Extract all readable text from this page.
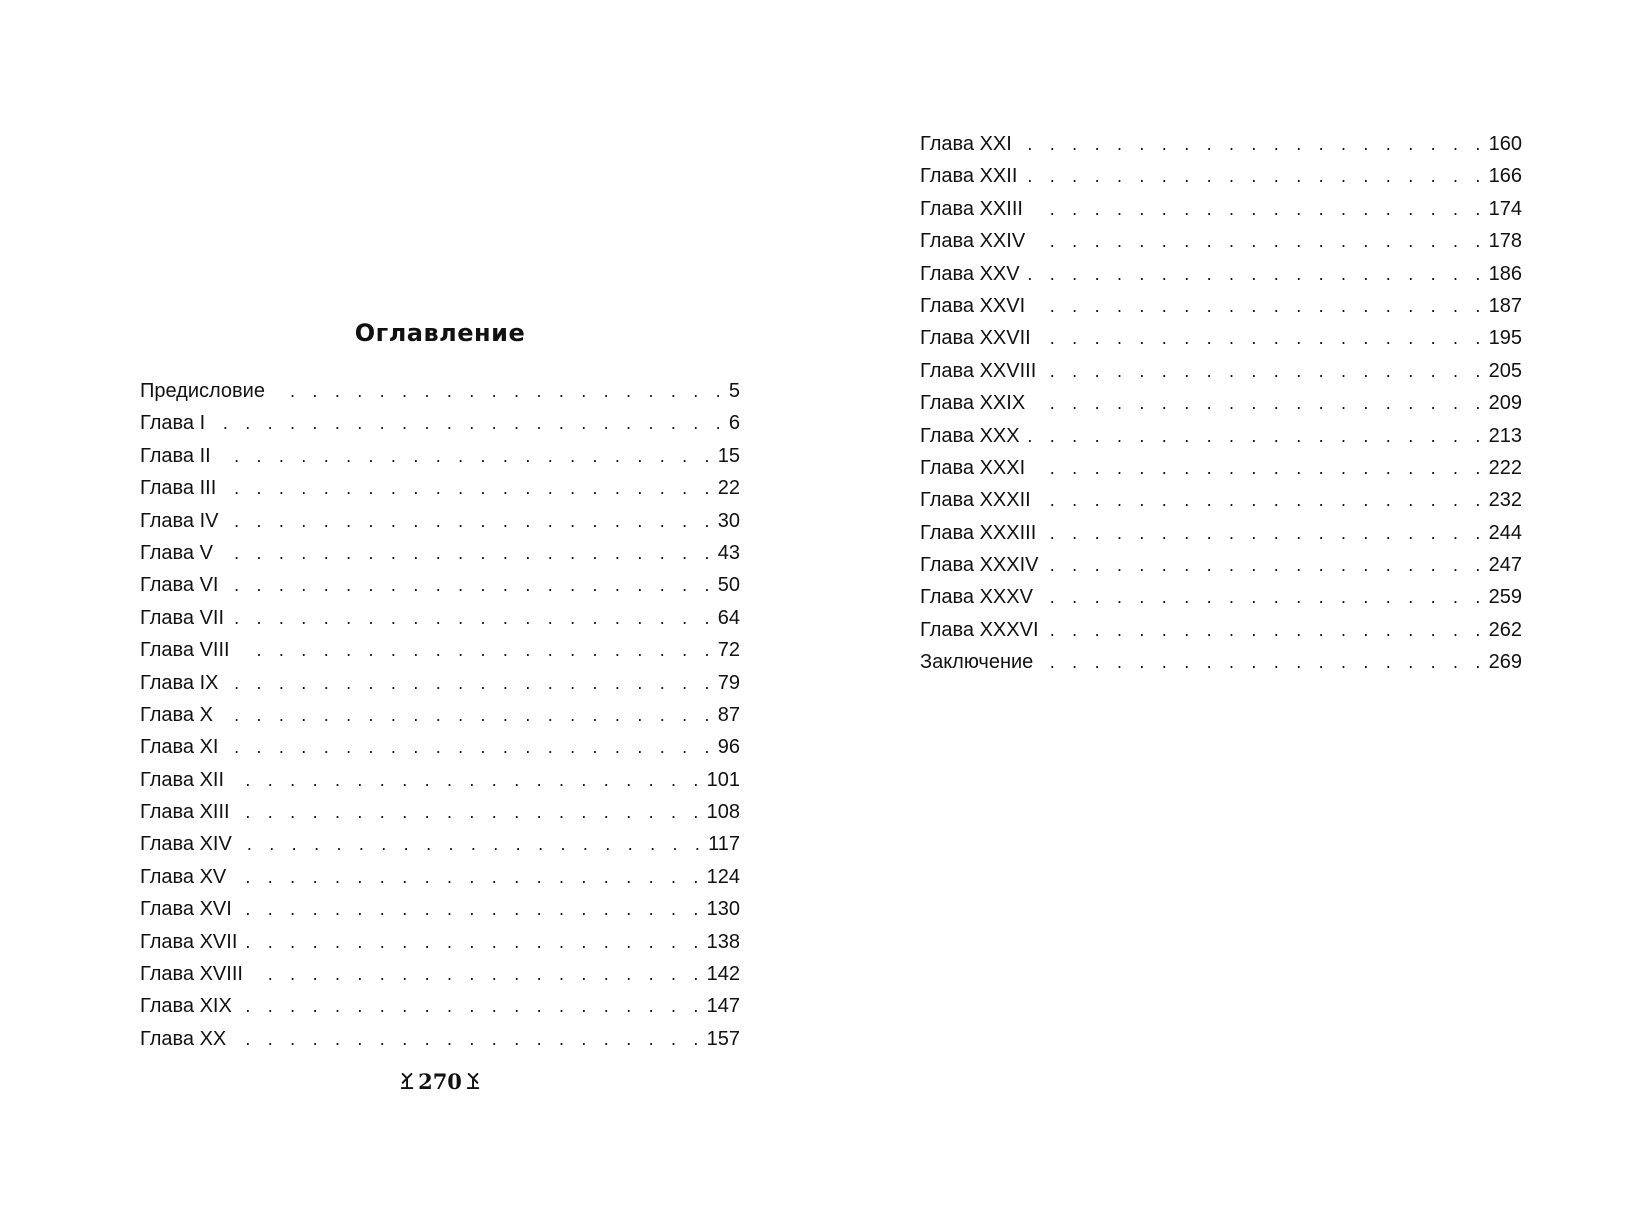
Оглавление
Предисловие . . .	5
Глава I . . .	6
Глава II . . .	15
Глава III . . .	22
Глава IV . . .	30
Глава V . . .	43
Глава VI . . .	50
Глава VII . . .	64
Глава VIII . . .	72
Глава IX . . .	79
Глава X . . .	87
Глава XI . . .	96
Глава XII . . .	101
Глава XIII . . .	108
Глава XIV . . .	117
Глава XV . . .	124
Глава XVI . . .	130
Глава XVII . . .	138
Глава XVIII . . .	142
Глава XIX . . .	147
Глава XX . . .	157
270
Глава XXI . . .	160
Глава XXII . . .	166
Глава XXIII . . .	174
Глава XXIV . . .	178
Глава XXV . . .	186
Глава XXVI . . .	187
Глава XXVII . . .	195
Глава XXVIII . . .	205
Глава XXIX . . .	209
Глава XXX . . .	213
Глава XXXI . . .	222
Глава XXXII . . .	232
Глава XXXIII . . .	244
Глава XXXIV . . .	247
Глава XXXV . . .	259
Глава XXXVI . . .	262
Заключение . . .	269
